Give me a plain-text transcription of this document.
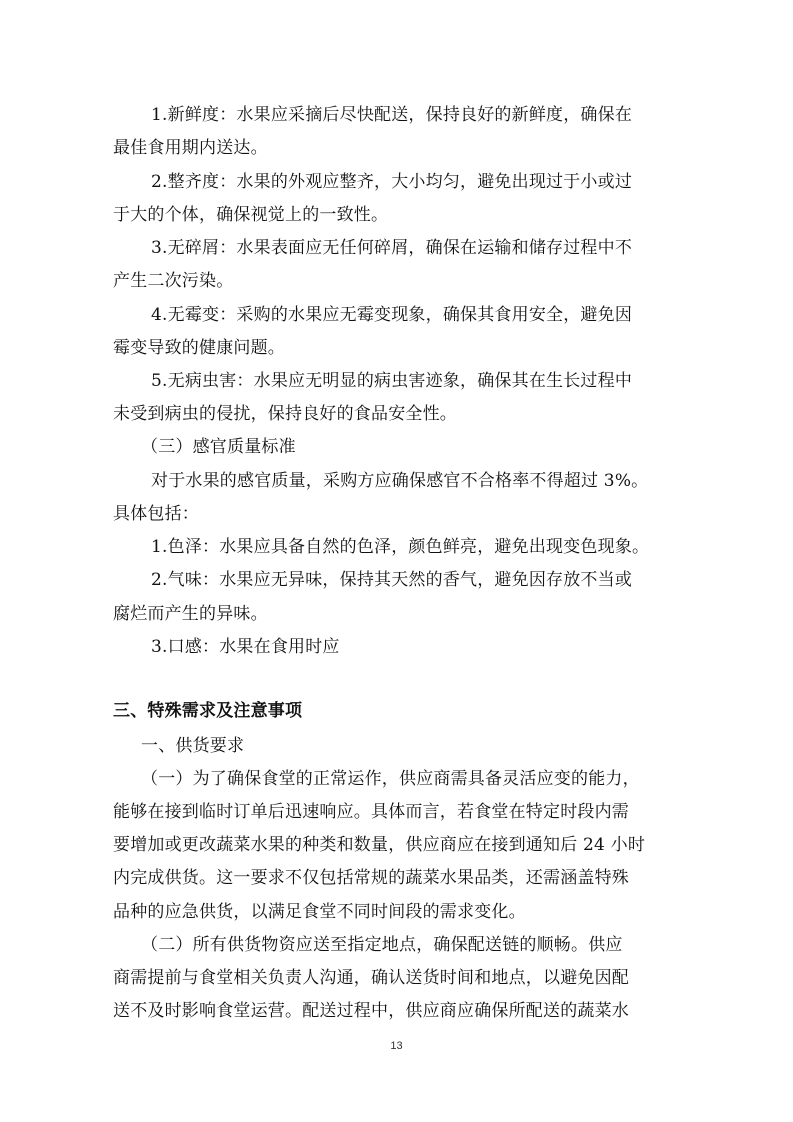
1.新鲜度：水果应采摘后尽快配送，保持良好的新鲜度，确保在
最佳食用期内送达。
2.整齐度：水果的外观应整齐，大小均匀，避免出现过于小或过
于大的个体，确保视觉上的一致性。
3.无碎屑：水果表面应无任何碎屑，确保在运输和储存过程中不
产生二次污染。
4.无霉变：采购的水果应无霉变现象，确保其食用安全，避免因
霉变导致的健康问题。
5.无病虫害：水果应无明显的病虫害迹象，确保其在生长过程中
未受到病虫的侵扰，保持良好的食品安全性。
（三）感官质量标准
对于水果的感官质量，采购方应确保感官不合格率不得超过 3%。
具体包括：
1.色泽：水果应具备自然的色泽，颜色鲜亮，避免出现变色现象。
2.气味：水果应无异味，保持其天然的香气，避免因存放不当或
腐烂而产生的异味。
3.口感：水果在食用时应
三、特殊需求及注意事项
一、供货要求
（一）为了确保食堂的正常运作，供应商需具备灵活应变的能力，
能够在接到临时订单后迅速响应。具体而言，若食堂在特定时段内需
要增加或更改蔬菜水果的种类和数量，供应商应在接到通知后 24 小时
内完成供货。这一要求不仅包括常规的蔬菜水果品类，还需涵盖特殊
品种的应急供货，以满足食堂不同时间段的需求变化。
（二）所有供货物资应送至指定地点，确保配送链的顺畅。供应
商需提前与食堂相关负责人沟通，确认送货时间和地点，以避免因配
送不及时影响食堂运营。配送过程中，供应商应确保所配送的蔬菜水
13
